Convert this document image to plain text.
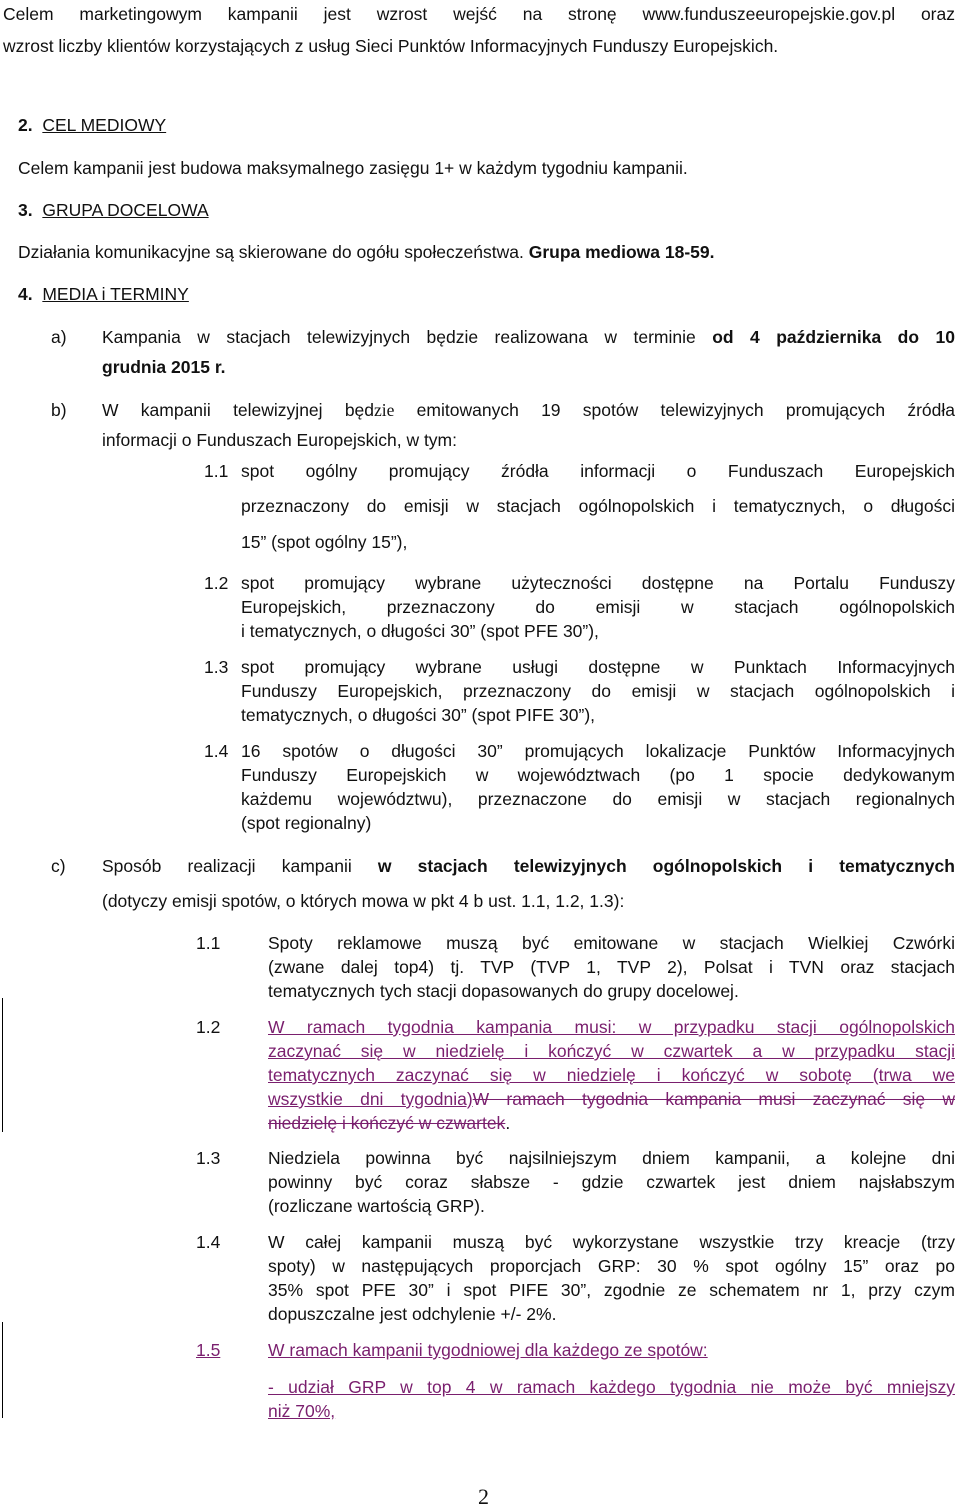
Celem marketingowym kampanii jest wzrost wejść na stronę www.funduszeeuropejskie.gov.pl oraz
wzrost liczby klientów korzystających z usług Sieci Punktów Informacyjnych Funduszy Europejskich.
2. CEL MEDIOWY
Celem kampanii jest budowa maksymalnego zasięgu 1+ w każdym tygodniu kampanii.
3. GRUPA DOCELOWA
Działania komunikacyjne są skierowane do ogółu społeczeństwa. Grupa mediowa 18-59.
4. MEDIA i TERMINY
a) Kampania w stacjach telewizyjnych będzie realizowana w terminie od 4 października do 10
grudnia 2015 r.
b) W kampanii telewizyjnej będzie emitowanych 19 spotów telewizyjnych promujących źródła
informacji o Funduszach Europejskich, w tym:
1.1 spot ogólny promujący źródła informacji o Funduszach Europejskich
przeznaczony do emisji w stacjach ogólnopolskich i tematycznych, o długości
15” (spot ogólny 15”),
1.2 spot promujący wybrane użyteczności dostępne na Portalu Funduszy
Europejskich, przeznaczony do emisji w stacjach ogólnopolskich
i tematycznych, o długości 30” (spot PFE 30”),
1.3 spot promujący wybrane usługi dostępne w Punktach Informacyjnych
Funduszy Europejskich, przeznaczony do emisji w stacjach ogólnopolskich i
tematycznych, o długości 30” (spot PIFE 30”),
1.4 16 spotów o długości 30” promujących lokalizacje Punktów Informacyjnych
Funduszy Europejskich w województwach (po 1 spocie dedykowanym
każdemu województwu), przeznaczone do emisji w stacjach regionalnych
(spot regionalny)
c) Sposób realizacji kampanii w stacjach telewizyjnych ogólnopolskich i tematycznych
(dotyczy emisji spotów, o których mowa w pkt 4 b ust. 1.1, 1.2, 1.3):
1.1	Spoty reklamowe muszą być emitowane w stacjach Wielkiej Czwórki
(zwane dalej top4) tj. TVP (TVP 1, TVP 2), Polsat i TVN oraz stacjach
tematycznych tych stacji dopasowanych do grupy docelowej.
1.2	W ramach tygodnia kampania musi: w przypadku stacji ogólnopolskich
zaczynać się w niedzielę i kończyć w czwartek a w przypadku stacji
tematycznych zaczynać się w niedzielę i kończyć w sobotę (trwa we
wszystkie dni tygodnia)W ramach tygodnia kampania musi zaczynać się w
niedzielę i kończyć w czwartek.
1.3	Niedziela powinna być najsilniejszym dniem kampanii, a kolejne dni
powinny być coraz słabsze - gdzie czwartek jest dniem najsłabszym
(rozliczane wartością GRP).
1.4	W całej kampanii muszą być wykorzystane wszystkie trzy kreacje (trzy
spoty) w następujących proporcjach GRP: 30 % spot ogólny 15” oraz po
35% spot PFE 30” i spot PIFE 30”, zgodnie ze schematem nr 1, przy czym
dopuszczalne jest odchylenie +/- 2%.
1.5	W ramach kampanii tygodniowej dla każdego ze spotów:
- udział GRP w top 4 w ramach każdego tygodnia nie może być mniejszy
niż 70%,
2
